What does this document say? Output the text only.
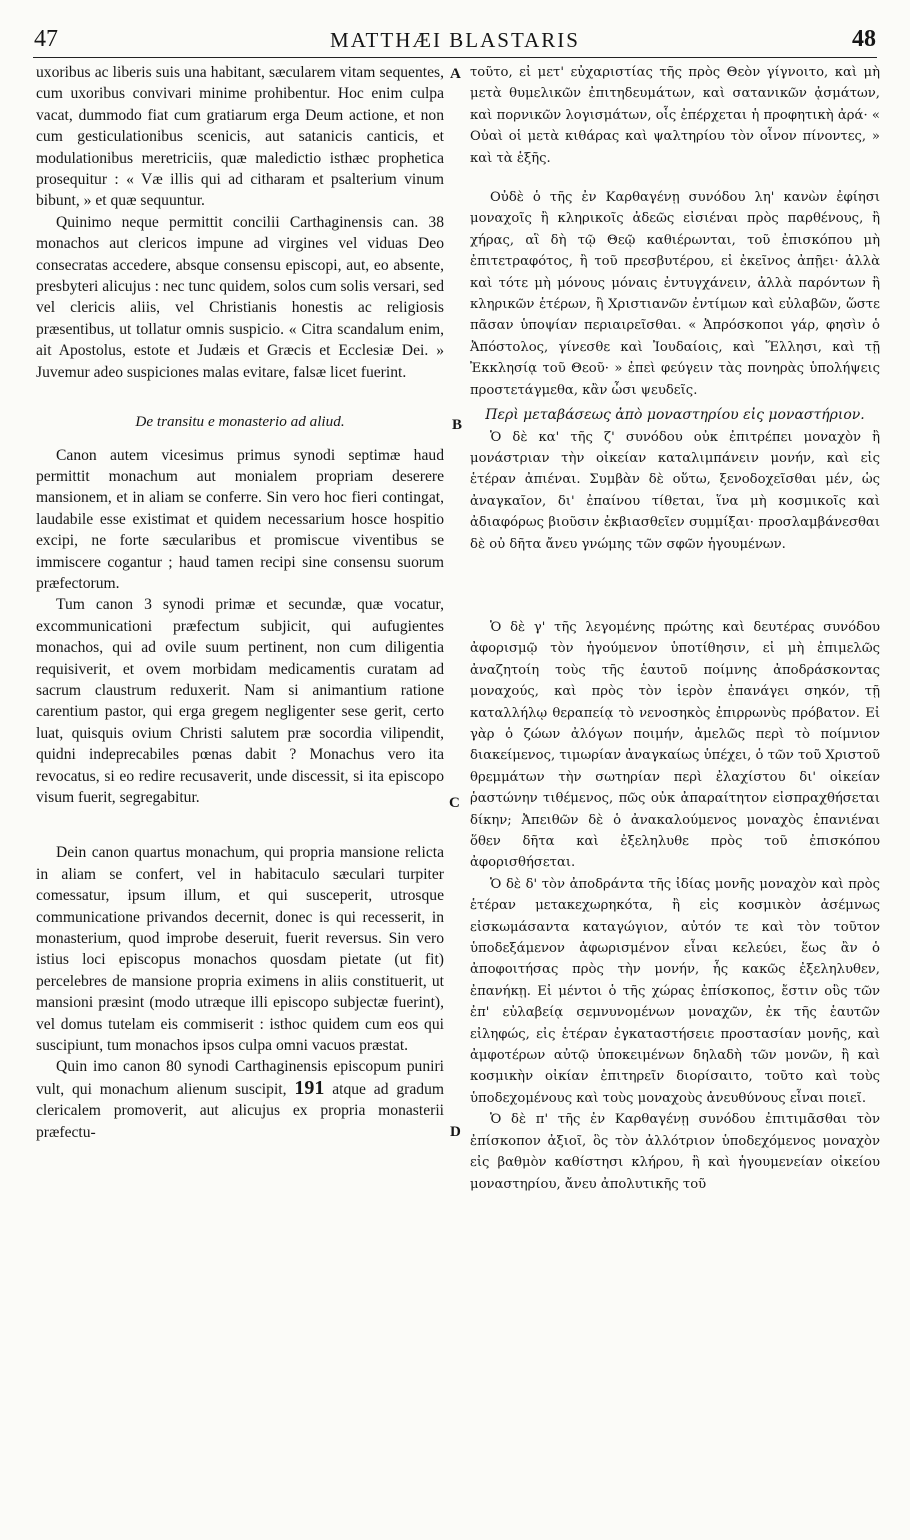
47	MATTHÆI BLASTARIS	48
A
B
C
D

uxoribus ac liberis suis una habitant, sæcularem vitam sequentes, cum uxoribus convivari minime prohibentur. Hoc enim culpa vacat, dummodo fiat cum gratiarum erga Deum actione, et non cum gesticulationibus scenicis, aut satanicis canticis, et modulationibus meretriciis, quæ maledictio isthæc prophetica prosequitur : « Væ illis qui ad citharam et psalterium vinum bibunt, » et quæ sequuntur.

Quinimo neque permittit concilii Carthaginensis can. 38 monachos aut clericos impune ad virgines vel viduas Deo consecratas accedere, absque consensu episcopi, aut, eo absente, presbyteri alicujus : nec tunc quidem, solos cum solis versari, sed vel clericis aliis, vel Christianis honestis ac religiosis præsentibus, ut tollatur omnis suspicio. « Citra scandalum enim, ait Apostolus, estote et Judæis et Græcis et Ecclesiæ Dei. » Juvemur adeo suspiciones malas evitare, falsæ licet fuerint.

De transitu e monasterio ad aliud.

Canon autem vicesimus primus synodi septimæ haud permittit monachum aut monialem propriam deserere mansionem, et in aliam se conferre. Sin vero hoc fieri contingat, laudabile esse existimat et quidem necessarium hosce hospitio excipi, ne forte sæcularibus et promiscue viventibus se immiscere cogantur ; haud tamen recipi sine consensu suorum præfectorum.

Tum canon 3 synodi primæ et secundæ, quæ vocatur, excommunicationi præfectum subjicit, qui aufugientes monachos, qui ad ovile suum pertinent, non cum diligentia requisiverit, et ovem morbidam medicamentis curatam ad sacrum claustrum reduxerit. Nam si animantium ratione carentium pastor, qui erga gregem negligenter sese gerit, certo luat, quisquis ovium Christi salutem præ socordia vilipendit, quidni indeprecabiles pœnas dabit ? Monachus vero ita revocatus, si eo redire recusaverit, unde discessit, si ita episcopo visum fuerit, segregabitur.

Dein canon quartus monachum, qui propria mansione relicta in aliam se confert, vel in habitaculo sæculari turpiter comessatur, ipsum illum, et qui susceperit, utrosque communicatione privandos decernit, donec is qui recesserit, in monasterium, quod improbe deseruit, fuerit reversus. Sin vero istius loci episcopus monachos quosdam pietate (ut fit) percelebres de mansione propria eximens in aliis constituerit, ut mansioni præsint (modo utræque illi episcopo subjectæ fuerint), vel domus tutelam eis commiserit : isthoc quidem cum eos qui suscipiunt, tum monachos ipsos culpa omni vacuos præstat.

Quin imo canon 80 synodi Carthaginensis episcopum puniri vult, qui monachum alienum suscipit, 191 atque ad gradum clericalem promoverit, aut alicujus ex propria monasterii præfectu-

τοῦτο, εἰ μετ' εὐχαριστίας τῆς πρὸς Θεὸν γίγνοιτο, καὶ μὴ μετὰ θυμελικῶν ἐπιτηδευμάτων, καὶ σατανικῶν ᾀσμάτων, καὶ πορνικῶν λογισμάτων, οἷς ἐπέρχεται ἡ προφητικὴ ἀρά· « Οὐαὶ οἱ μετὰ κιθάρας καὶ ψαλτηρίου τὸν οἶνον πίνοντες, » καὶ τὰ ἑξῆς.

Οὐδὲ ὁ τῆς ἐν Καρθαγένῃ συνόδου λη' κανὼν ἐφίησι μοναχοῖς ἢ κληρικοῖς ἀδεῶς εἰσιέναι πρὸς παρθένους, ἢ χήρας, αἳ δὴ τῷ Θεῷ καθιέρωνται, τοῦ ἐπισκόπου μὴ ἐπιτετραφότος, ἢ τοῦ πρεσβυτέρου, εἰ ἐκεῖνος ἀπῇει· ἀλλὰ καὶ τότε μὴ μόνους μόναις ἐντυγχάνειν, ἀλλὰ παρόντων ἢ κληρικῶν ἑτέρων, ἢ Χριστιανῶν ἐντίμων καὶ εὐλαβῶν, ὥστε πᾶσαν ὑποψίαν περιαιρεῖσθαι. « Ἀπρόσκοποι γάρ, φησὶν ὁ Ἀπόστολος, γίνεσθε καὶ Ἰουδαίοις, καὶ Ἕλλησι, καὶ τῇ Ἐκκλησίᾳ τοῦ Θεοῦ· » ἐπεὶ φεύγειν τὰς πονηρὰς ὑπολήψεις προστετάγμεθα, κἂν ὦσι ψευδεῖς.

Περὶ μεταβάσεως ἀπὸ μοναστηρίου εἰς μοναστήριον.

Ὁ δὲ κα' τῆς ζ' συνόδου οὐκ ἐπιτρέπει μοναχὸν ἢ μονάστριαν τὴν οἰκείαν καταλιμπάνειν μονήν, καὶ εἰς ἑτέραν ἀπιέναι. Συμβὰν δὲ οὕτω, ξενοδοχεῖσθαι μέν, ὡς ἀναγκαῖον, δι' ἐπαίνου τίθεται, ἵνα μὴ κοσμικοῖς καὶ ἀδιαφόρως βιοῦσιν ἐκβιασθεῖεν συμμίξαι· προσλαμβάνεσθαι δὲ οὐ δῆτα ἄνευ γνώμης τῶν σφῶν ἡγουμένων.

Ὁ δὲ γ' τῆς λεγομένης πρώτης καὶ δευτέρας συνόδου ἀφορισμῷ τὸν ἡγούμενον ὑποτίθησιν, εἰ μὴ ἐπιμελῶς ἀναζητοίη τοὺς τῆς ἑαυτοῦ ποίμνης ἀποδράσκοντας μοναχούς, καὶ πρὸς τὸν ἱερὸν ἐπανάγει σηκόν, τῇ καταλλήλῳ θεραπείᾳ τὸ νενοσηκὸς ἐπιρρωνὺς πρόβατον. Εἰ γὰρ ὁ ζώων ἀλόγων ποιμήν, ἀμελῶς περὶ τὸ ποίμνιον διακείμενος, τιμωρίαν ἀναγκαίως ὑπέχει, ὁ τῶν τοῦ Χριστοῦ θρεμμάτων τὴν σωτηρίαν περὶ ἐλαχίστου δι' οἰκείαν ῥαστώνην τιθέμενος, πῶς οὐκ ἀπαραίτητον εἰσπραχθήσεται δίκην; Ἀπειθῶν δὲ ὁ ἀνακαλούμενος μοναχὸς ἐπανιέναι ὅθεν δῆτα καὶ ἐξεληλυθε πρὸς τοῦ ἐπισκόπου ἀφορισθήσεται.

Ὁ δὲ δ' τὸν ἀποδράντα τῆς ἰδίας μονῆς μοναχὸν καὶ πρὸς ἑτέραν μετακεχωρηκότα, ἢ εἰς κοσμικὸν ἀσέμνως εἰσκωμάσαντα καταγώγιον, αὐτόν τε καὶ τὸν τοῦτον ὑποδεξάμενον ἀφωρισμένον εἶναι κελεύει, ἕως ἂν ὁ ἀποφοιτήσας πρὸς τὴν μονήν, ἧς κακῶς ἐξεληλυθεν, ἐπανήκῃ. Εἰ μέντοι ὁ τῆς χώρας ἐπίσκοπος, ἔστιν οὓς τῶν ἐπ' εὐλαβείᾳ σεμνυνομένων μοναχῶν, ἐκ τῆς ἑαυτῶν εἰληφώς, εἰς ἑτέραν ἐγκαταστήσειε προστασίαν μονῆς, καὶ ἀμφοτέρων αὐτῷ ὑποκειμένων δηλαδὴ τῶν μονῶν, ἢ καὶ κοσμικὴν οἰκίαν ἐπιτηρεῖν διορίσαιτο, τοῦτο καὶ τοὺς ὑποδεχομένους καὶ τοὺς μοναχοὺς ἀνευθύνους εἶναι ποιεῖ.

Ὁ δὲ π' τῆς ἐν Καρθαγένῃ συνόδου ἐπιτιμᾶσθαι τὸν ἐπίσκοπον ἀξιοῖ, ὃς τὸν ἀλλότριον ὑποδεχόμενος μοναχὸν εἰς βαθμὸν καθίστησι κλήρου, ἢ καὶ ἡγουμενείαν οἰκείου μοναστηρίου, ἄνευ ἀπολυτικῆς τοῦ
